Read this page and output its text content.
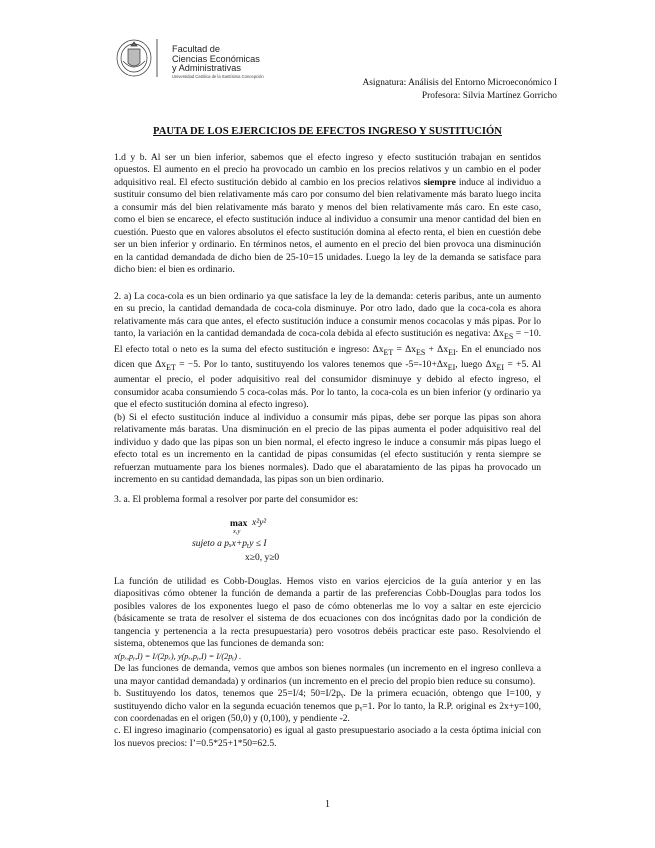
Facultad de
Ciencias Económicas
y Administrativas
Universidad Católica de la Santísima Concepción
Asignatura: Análisis del Entorno Microeconómico I
Profesora: Silvia Martínez Gorricho
PAUTA DE LOS EJERCICIOS DE EFECTOS INGRESO Y SUSTITUCIÓN

1.d y b. Al ser un bien inferior, sabemos que el efecto ingreso y efecto sustitución trabajan en sentidos opuestos. El aumento en el precio ha provocado un cambio en los precios relativos y un cambio en el poder adquisitivo real. El efecto sustitución debido al cambio en los precios relativos siempre induce al individuo a sustituir consumo del bien relativamente más caro por consumo del bien relativamente más barato luego incita a consumir más del bien relativamente más barato y menos del bien relativamente más caro. En este caso, como el bien se encarece, el efecto sustitución induce al individuo a consumir una menor cantidad del bien en cuestión. Puesto que en valores absolutos el efecto sustitución domina al efecto renta, el bien en cuestión debe ser un bien inferior y ordinario. En términos netos, el aumento en el precio del bien provoca una disminución en la cantidad demandada de dicho bien de 25-10=15 unidades. Luego la ley de la demanda se satisface para dicho bien: el bien es ordinario.

2. a) La coca-cola es un bien ordinario ya que satisface la ley de la demanda: ceteris paribus, ante un aumento en su precio, la cantidad demandada de coca-cola disminuye. Por otro lado, dado que la coca-cola es ahora relativamente más cara que antes, el efecto sustitución induce a consumir menos cocacolas y más pipas. Por lo tanto, la variación en la cantidad demandada de coca-cola debida al efecto sustitución es negativa: $\Delta x_{ES} = -10$. El efecto total o neto es la suma del efecto sustitución e ingreso: $\Delta x_{ET} = \Delta x_{ES} + \Delta x_{EI}$. En el enunciado nos dicen que $\Delta x_{ET} = -5$. Por lo tanto, sustituyendo los valores tenemos que $-5=-10+\Delta x_{EI}$, luego $\Delta x_{EI} = +5$. Al aumentar el precio, el poder adquisitivo real del consumidor disminuye y debido al efecto ingreso, el consumidor acaba consumiendo 5 coca-colas más. Por lo tanto, la coca-cola es un bien inferior (y ordinario ya que el efecto sustitución domina al efecto ingreso).

(b) Si el efecto sustitución induce al individuo a consumir más pipas, debe ser porque las pipas son ahora relativamente más baratas. Una disminución en el precio de las pipas aumenta el poder adquisitivo real del individuo y dado que las pipas son un bien normal, el efecto ingreso le induce a consumir más pipas luego el efecto total es un incremento en la cantidad de pipas consumidas (el efecto sustitución y renta siempre se refuerzan mutuamente para los bienes normales). Dado que el abaratamiento de las pipas ha provocado un incremento en su cantidad demandada, las pipas son un bien ordinario.

3. a. El problema formal a resolver por parte del consumidor es:

max
x,y
x²y²
sujeto a pₓx+pᵧy ≤ I
x≥0, y≥0

La función de utilidad es Cobb-Douglas. Hemos visto en varios ejercicios de la guía anterior y en las diapositivas cómo obtener la función de demanda a partir de las preferencias Cobb-Douglas para todos los posibles valores de los exponentes luego el paso de cómo obtenerlas me lo voy a saltar en este ejercicio (básicamente se trata de resolver el sistema de dos ecuaciones con dos incógnitas dado por la condición de tangencia y pertenencia a la recta presupuestaria) pero vosotros debéis practicar este paso. Resolviendo el sistema, obtenemos que las funciones de demanda son:

x(pₓ,pᵧ,I) = I/(2pₓ), y(pₓ,pᵧ,I) = I/(2pᵧ) .

De las funciones de demanda, vemos que ambos son bienes normales (un incremento en el ingreso conlleva a una mayor cantidad demandada) y ordinarios (un incremento en el precio del propio bien reduce su consumo).

b. Sustituyendo los datos, tenemos que 25=I/4; 50=I/2pᵧ. De la primera ecuación, obtengo que I=100, y sustituyendo dicho valor en la segunda ecuación tenemos que pᵧ=1. Por lo tanto, la R.P. original es 2x+y=100, con coordenadas en el origen (50,0) y (0,100), y pendiente -2.

c. El ingreso imaginario (compensatorio) es igual al gasto presupuestario asociado a la cesta óptima inicial con los nuevos precios: I’=0.5*25+1*50=62.5.

1
